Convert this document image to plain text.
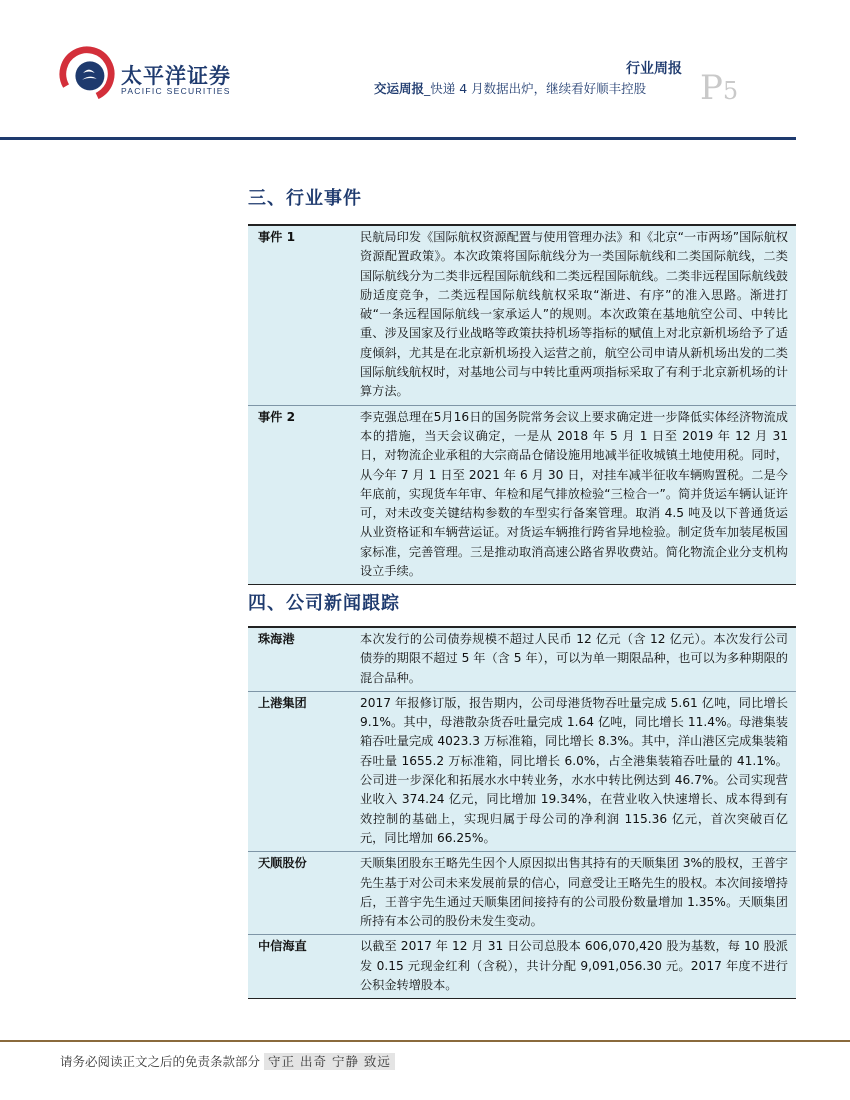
太平洋证券
PACIFIC SECURITIES
行业周报
交运周报_快递 4 月数据出炉，继续看好顺丰控股 P5
三、行业事件
事件 1	民航局印发《国际航权资源配置与使用管理办法》和《北京“一市两场”国际航权资源配置政策》。本次政策将国际航线分为一类国际航线和二类国际航线，二类国际航线分为二类非远程国际航线和二类远程国际航线。二类非远程国际航线鼓励适度竞争，二类远程国际航线航权采取“渐进、有序”的准入思路。渐进打破“一条远程国际航线一家承运人”的规则。本次政策在基地航空公司、中转比重、涉及国家及行业战略等政策扶持机场等指标的赋值上对北京新机场给予了适度倾斜，尤其是在北京新机场投入运营之前，航空公司申请从新机场出发的二类国际航线航权时，对基地公司与中转比重两项指标采取了有利于北京新机场的计算方法。
事件 2	李克强总理在5月16日的国务院常务会议上要求确定进一步降低实体经济物流成本的措施，当天会议确定，一是从 2018 年 5 月 1 日至 2019 年 12 月 31 日，对物流企业承租的大宗商品仓储设施用地减半征收城镇土地使用税。同时，从今年 7 月 1 日至 2021 年 6 月 30 日，对挂车减半征收车辆购置税。二是今年底前，实现货车年审、年检和尾气排放检验“三检合一”。简并货运车辆认证许可，对未改变关键结构参数的车型实行备案管理。取消 4.5 吨及以下普通货运从业资格证和车辆营运证。对货运车辆推行跨省异地检验。制定货车加装尾板国家标准，完善管理。三是推动取消高速公路省界收费站。简化物流企业分支机构设立手续。
四、公司新闻跟踪
珠海港	本次发行的公司债券规模不超过人民币 12 亿元（含 12 亿元）。本次发行公司债券的期限不超过 5 年（含 5 年），可以为单一期限品种，也可以为多种期限的混合品种。
上港集团	2017 年报修订版，报告期内，公司母港货物吞吐量完成 5.61 亿吨，同比增长 9.1%。其中，母港散杂货吞吐量完成 1.64 亿吨，同比增长 11.4%。母港集装箱吞吐量完成 4023.3 万标准箱，同比增长 8.3%。其中，洋山港区完成集装箱吞吐量 1655.2 万标准箱，同比增长 6.0%，占全港集装箱吞吐量的 41.1%。公司进一步深化和拓展水水中转业务，水水中转比例达到 46.7%。公司实现营业收入 374.24 亿元，同比增加 19.34%，在营业收入快速增长、成本得到有效控制的基础上，实现归属于母公司的净利润 115.36 亿元，首次突破百亿元，同比增加 66.25%。
天顺股份	天顺集团股东王略先生因个人原因拟出售其持有的天顺集团 3%的股权，王普宇先生基于对公司未来发展前景的信心，同意受让王略先生的股权。本次间接增持后，王普宇先生通过天顺集团间接持有的公司股份数量增加 1.35%。天顺集团所持有本公司的股份未发生变动。
中信海直	以截至 2017 年 12 月 31 日公司总股本 606,070,420 股为基数，每 10 股派发 0.15 元现金红利（含税），共计分配 9,091,056.30 元。2017 年度不进行公积金转增股本。
请务必阅读正文之后的免责条款部分 守正 出奇 宁静 致远
